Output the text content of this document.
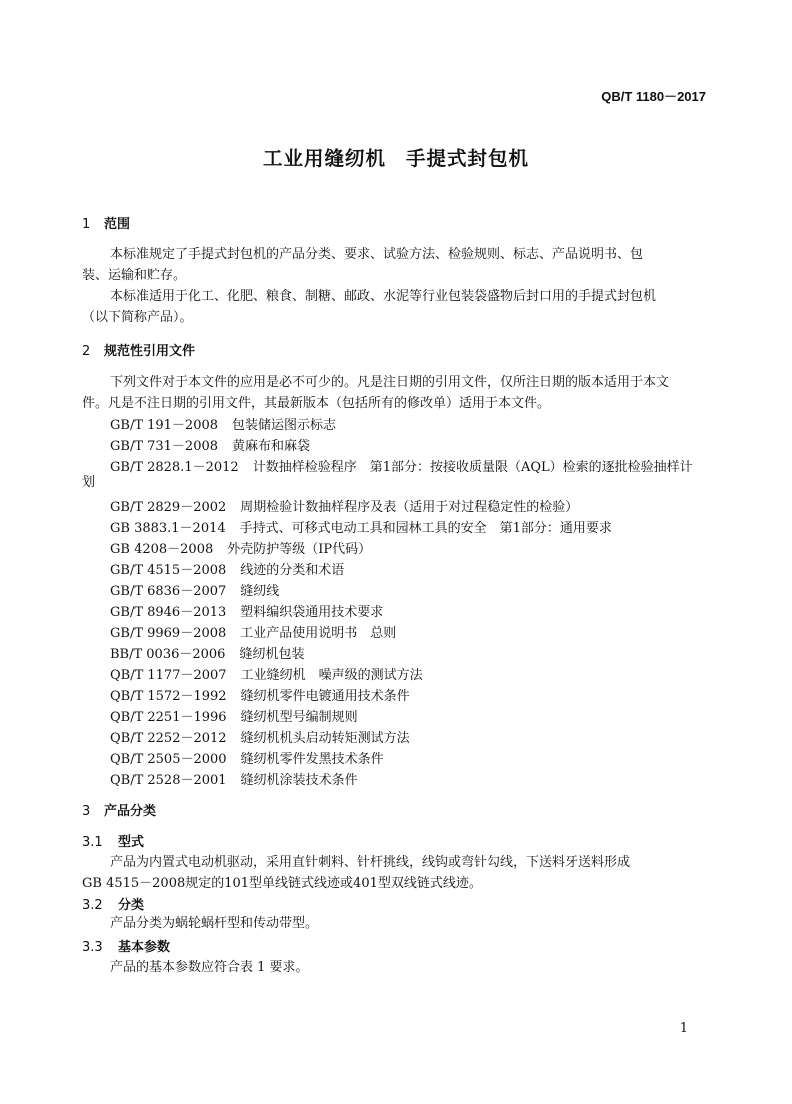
QB/T 1180－2017
工业用缝纫机 手提式封包机
1 范围
本标准规定了手提式封包机的产品分类、要求、试验方法、检验规则、标志、产品说明书、包
装、运输和贮存。
本标准适用于化工、化肥、粮食、制糖、邮政、水泥等行业包装袋盛物后封口用的手提式封包机
（以下简称产品）。
2 规范性引用文件
下列文件对于本文件的应用是必不可少的。凡是注日期的引用文件，仅所注日期的版本适用于本文
件。凡是不注日期的引用文件，其最新版本（包括所有的修改单）适用于本文件。
GB/T 191－2008 包装储运图示标志
GB/T 731－2008 黄麻布和麻袋
GB/T 2828.1－2012 计数抽样检验程序　第1部分：按接收质量限（AQL）检索的逐批检验抽样计
划
GB/T 2829－2002 周期检验计数抽样程序及表（适用于对过程稳定性的检验）
GB 3883.1－2014 手持式、可移式电动工具和园林工具的安全　第1部分：通用要求
GB 4208－2008 外壳防护等级（IP代码）
GB/T 4515－2008 线迹的分类和术语
GB/T 6836－2007 缝纫线
GB/T 8946－2013 塑料编织袋通用技术要求
GB/T 9969－2008 工业产品使用说明书　总则
BB/T 0036－2006 缝纫机包装
QB/T 1177－2007 工业缝纫机　噪声级的测试方法
QB/T 1572－1992 缝纫机零件电镀通用技术条件
QB/T 2251－1996 缝纫机型号编制规则
QB/T 2252－2012 缝纫机机头启动转矩测试方法
QB/T 2505－2000 缝纫机零件发黑技术条件
QB/T 2528－2001 缝纫机涂装技术条件
3 产品分类
3.1 型式
产品为内置式电动机驱动，采用直针刺料、针杆挑线，线钩或弯针勾线，下送料牙送料形成
GB 4515－2008规定的101型单线链式线迹或401型双线链式线迹。
3.2 分类
产品分类为蜗轮蜗杆型和传动带型。
3.3 基本参数
产品的基本参数应符合表 1 要求。
1
